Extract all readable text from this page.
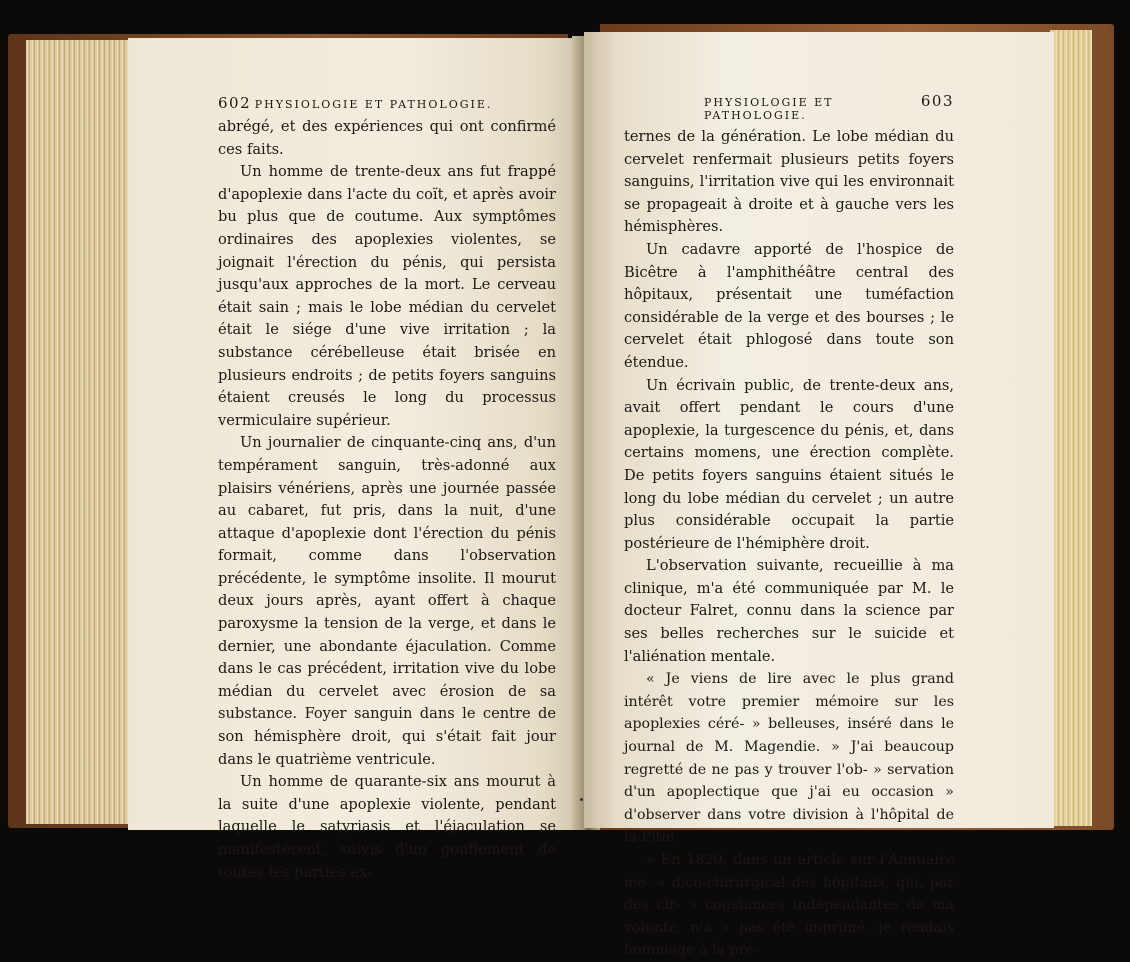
602 PHYSIOLOGIE ET PATHOLOGIE.

abrégé, et des expériences qui ont confirmé ces faits.

Un homme de trente-deux ans fut frappé d'apoplexie dans l'acte du coït, et après avoir bu plus que de coutume. Aux symptômes ordinaires des apoplexies violentes, se joignait l'érection du pénis, qui persista jusqu'aux approches de la mort. Le cerveau était sain ; mais le lobe médian du cervelet était le siége d'une vive irritation ; la substance cérébelleuse était brisée en plusieurs endroits ; de petits foyers sanguins étaient creusés le long du processus vermiculaire supérieur.

Un journalier de cinquante-cinq ans, d'un tempérament sanguin, très-adonné aux plaisirs vénériens, après une journée passée au cabaret, fut pris, dans la nuit, d'une attaque d'apoplexie dont l'érection du pénis formait, comme dans l'observation précédente, le symptôme insolite. Il mourut deux jours après, ayant offert à chaque paroxysme la tension de la verge, et dans le dernier, une abondante éjaculation. Comme dans le cas précédent, irritation vive du lobe médian du cervelet avec érosion de sa substance. Foyer sanguin dans le centre de son hémisphère droit, qui s'était fait jour dans le quatrième ventricule.

Un homme de quarante-six ans mourut à la suite d'une apoplexie violente, pendant laquelle le satyriasis et l'éjaculation se manifestèrent, suivis d'un gonflement de toutes les parties ex-

PHYSIOLOGIE ET PATHOLOGIE.
603

ternes de la génération. Le lobe médian du cervelet renfermait plusieurs petits foyers sanguins, l'irritation vive qui les environnait se propageait à droite et à gauche vers les hémisphères.

Un cadavre apporté de l'hospice de Bicêtre à l'amphithéâtre central des hôpitaux, présentait une tuméfaction considérable de la verge et des bourses ; le cervelet était phlogosé dans toute son étendue.

Un écrivain public, de trente-deux ans, avait offert pendant le cours d'une apoplexie, la turgescence du pénis, et, dans certains momens, une érection complète. De petits foyers sanguins étaient situés le long du lobe médian du cervelet ; un autre plus considérable occupait la partie postérieure de l'hémiphère droit.

L'observation suivante, recueillie à ma clinique, m'a été communiquée par M. le docteur Falret, connu dans la science par ses belles recherches sur le suicide et l'aliénation mentale.

« Je viens de lire avec le plus grand intérêt votre premier mémoire sur les apoplexies céré- » belleuses, inséré dans le journal de M. Magendie. » J'ai beaucoup regretté de ne pas y trouver l'ob- » servation d'un apoplectique que j'ai eu occasion » d'observer dans votre division à l'hôpital de la Pitié.

» En 1820, dans un article sur l'Annuaire mé- » dico-chirurgical des hôpitaux, qui, par des cir- » constances indépendantes de ma volonté, n'a » pas été imprimé, je rendais hommage à la pré-
